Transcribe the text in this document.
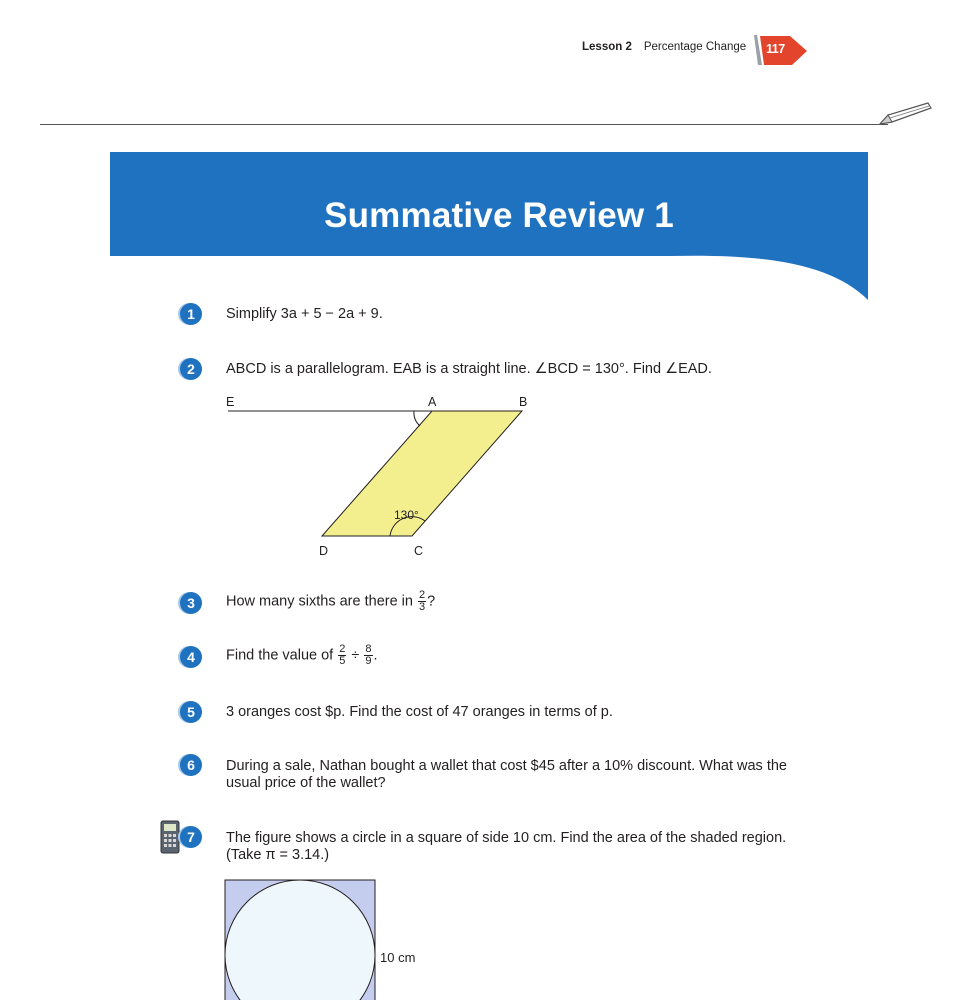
Lesson 2 Percentage Change 117
Summative Review 1
1	Simplify 3a + 5 − 2a + 9.
2	ABCD is a parallelogram. EAB is a straight line. ∠BCD = 130°. Find ∠EAD.
E	A	B
D	C
130°
3	How many sixths are there in $\frac{2}{3}$ ?
4	Find the value of $\frac{2}{5} \div \frac{8}{9}$ .
5	3 oranges cost $p. Find the cost of 47 oranges in terms of p.
6	During a sale, Nathan bought a wallet that cost $45 after a 10% discount. What was the
usual price of the wallet?
7	The figure shows a circle in a square of side 10 cm. Find the area of the shaded region.
(Take π = 3.14.)
10 cm
